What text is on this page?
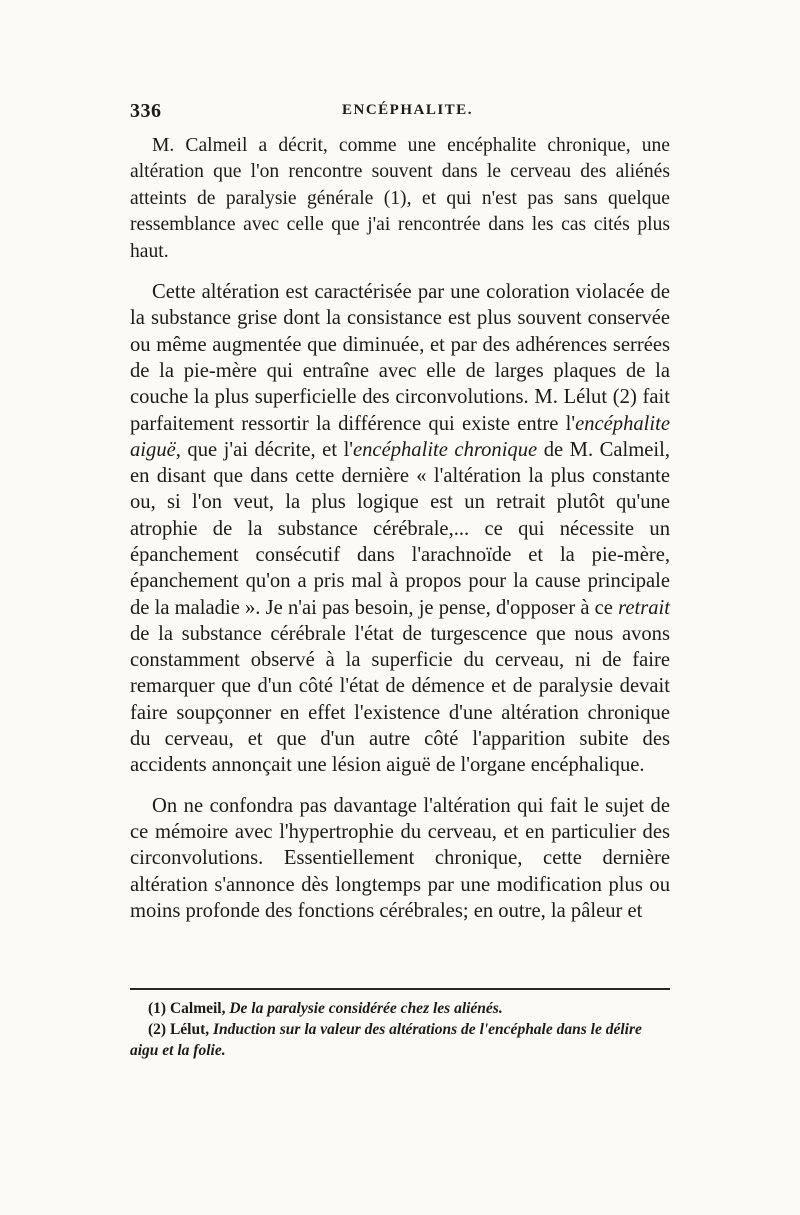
336	ENCÉPHALITE.

M. Calmeil a décrit, comme une encéphalite chronique, une altération que l'on rencontre souvent dans le cerveau des aliénés atteints de paralysie générale (1), et qui n'est pas sans quelque ressemblance avec celle que j'ai rencontrée dans les cas cités plus haut.

Cette altération est caractérisée par une coloration violacée de la substance grise dont la consistance est plus souvent conservée ou même augmentée que diminuée, et par des adhérences serrées de la pie-mère qui entraîne avec elle de larges plaques de la couche la plus superficielle des circonvolutions. M. Lélut (2) fait parfaitement ressortir la différence qui existe entre l'encéphalite aiguë, que j'ai décrite, et l'encéphalite chronique de M. Calmeil, en disant que dans cette dernière « l'altération la plus constante ou, si l'on veut, la plus logique est un retrait plutôt qu'une atrophie de la substance cérébrale,... ce qui nécessite un épanchement consécutif dans l'arachnoïde et la pie-mère, épanchement qu'on a pris mal à propos pour la cause principale de la maladie ». Je n'ai pas besoin, je pense, d'opposer à ce retrait de la substance cérébrale l'état de turgescence que nous avons constamment observé à la superficie du cerveau, ni de faire remarquer que d'un côté l'état de démence et de paralysie devait faire soupçonner en effet l'existence d'une altération chronique du cerveau, et que d'un autre côté l'apparition subite des accidents annonçait une lésion aiguë de l'organe encéphalique.

On ne confondra pas davantage l'altération qui fait le sujet de ce mémoire avec l'hypertrophie du cerveau, et en particulier des circonvolutions. Essentiellement chronique, cette dernière altération s'annonce dès longtemps par une modification plus ou moins profonde des fonctions cérébrales; en outre, la pâleur et

(1) Calmeil, De la paralysie considérée chez les aliénés.

(2) Lélut, Induction sur la valeur des altérations de l'encéphale dans le délire aigu et la folie.
